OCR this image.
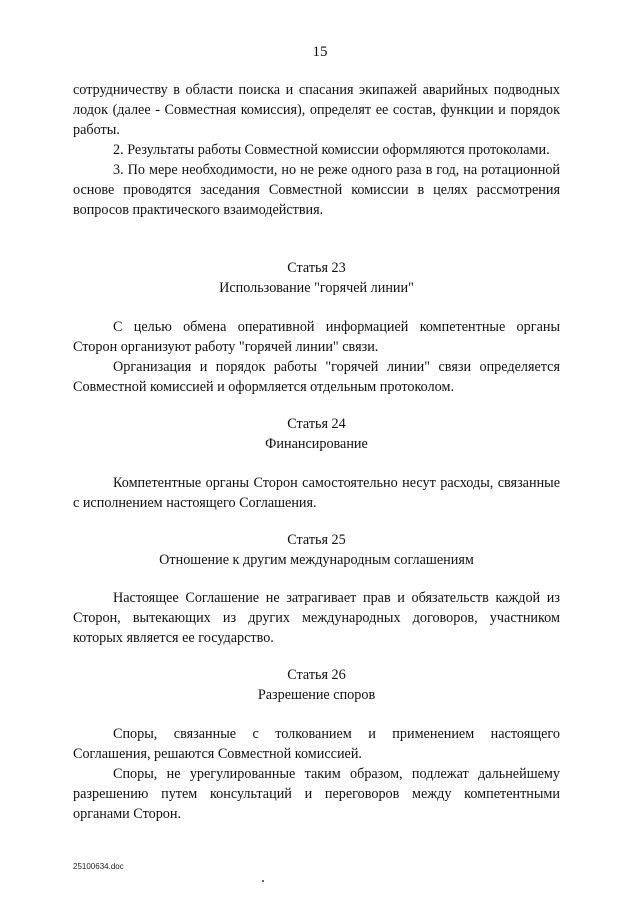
15

сотрудничеству в области поиска и спасания экипажей аварийных подводных лодок (далее - Совместная комиссия), определят ее состав, функции и порядок работы.

2. Результаты работы Совместной комиссии оформляются протоколами.

3. По мере необходимости, но не реже одного раза в год, на ротационной основе проводятся заседания Совместной комиссии в целях рассмотрения вопросов практического взаимодействия.

Статья 23
Использование "горячей линии"

С целью обмена оперативной информацией компетентные органы Сторон организуют работу "горячей линии" связи.

Организация и порядок работы "горячей линии" связи определяется Совместной комиссией и оформляется отдельным протоколом.

Статья 24
Финансирование

Компетентные органы Сторон самостоятельно несут расходы, связанные с исполнением настоящего Соглашения.

Статья 25
Отношение к другим международным соглашениям

Настоящее Соглашение не затрагивает прав и обязательств каждой из Сторон, вытекающих из других международных договоров, участником которых является ее государство.

Статья 26
Разрешение споров

Споры, связанные с толкованием и применением настоящего Соглашения, решаются Совместной комиссией.

Споры, не урегулированные таким образом, подлежат дальнейшему разрешению путем консультаций и переговоров между компетентными органами Сторон.

25100634.doc
